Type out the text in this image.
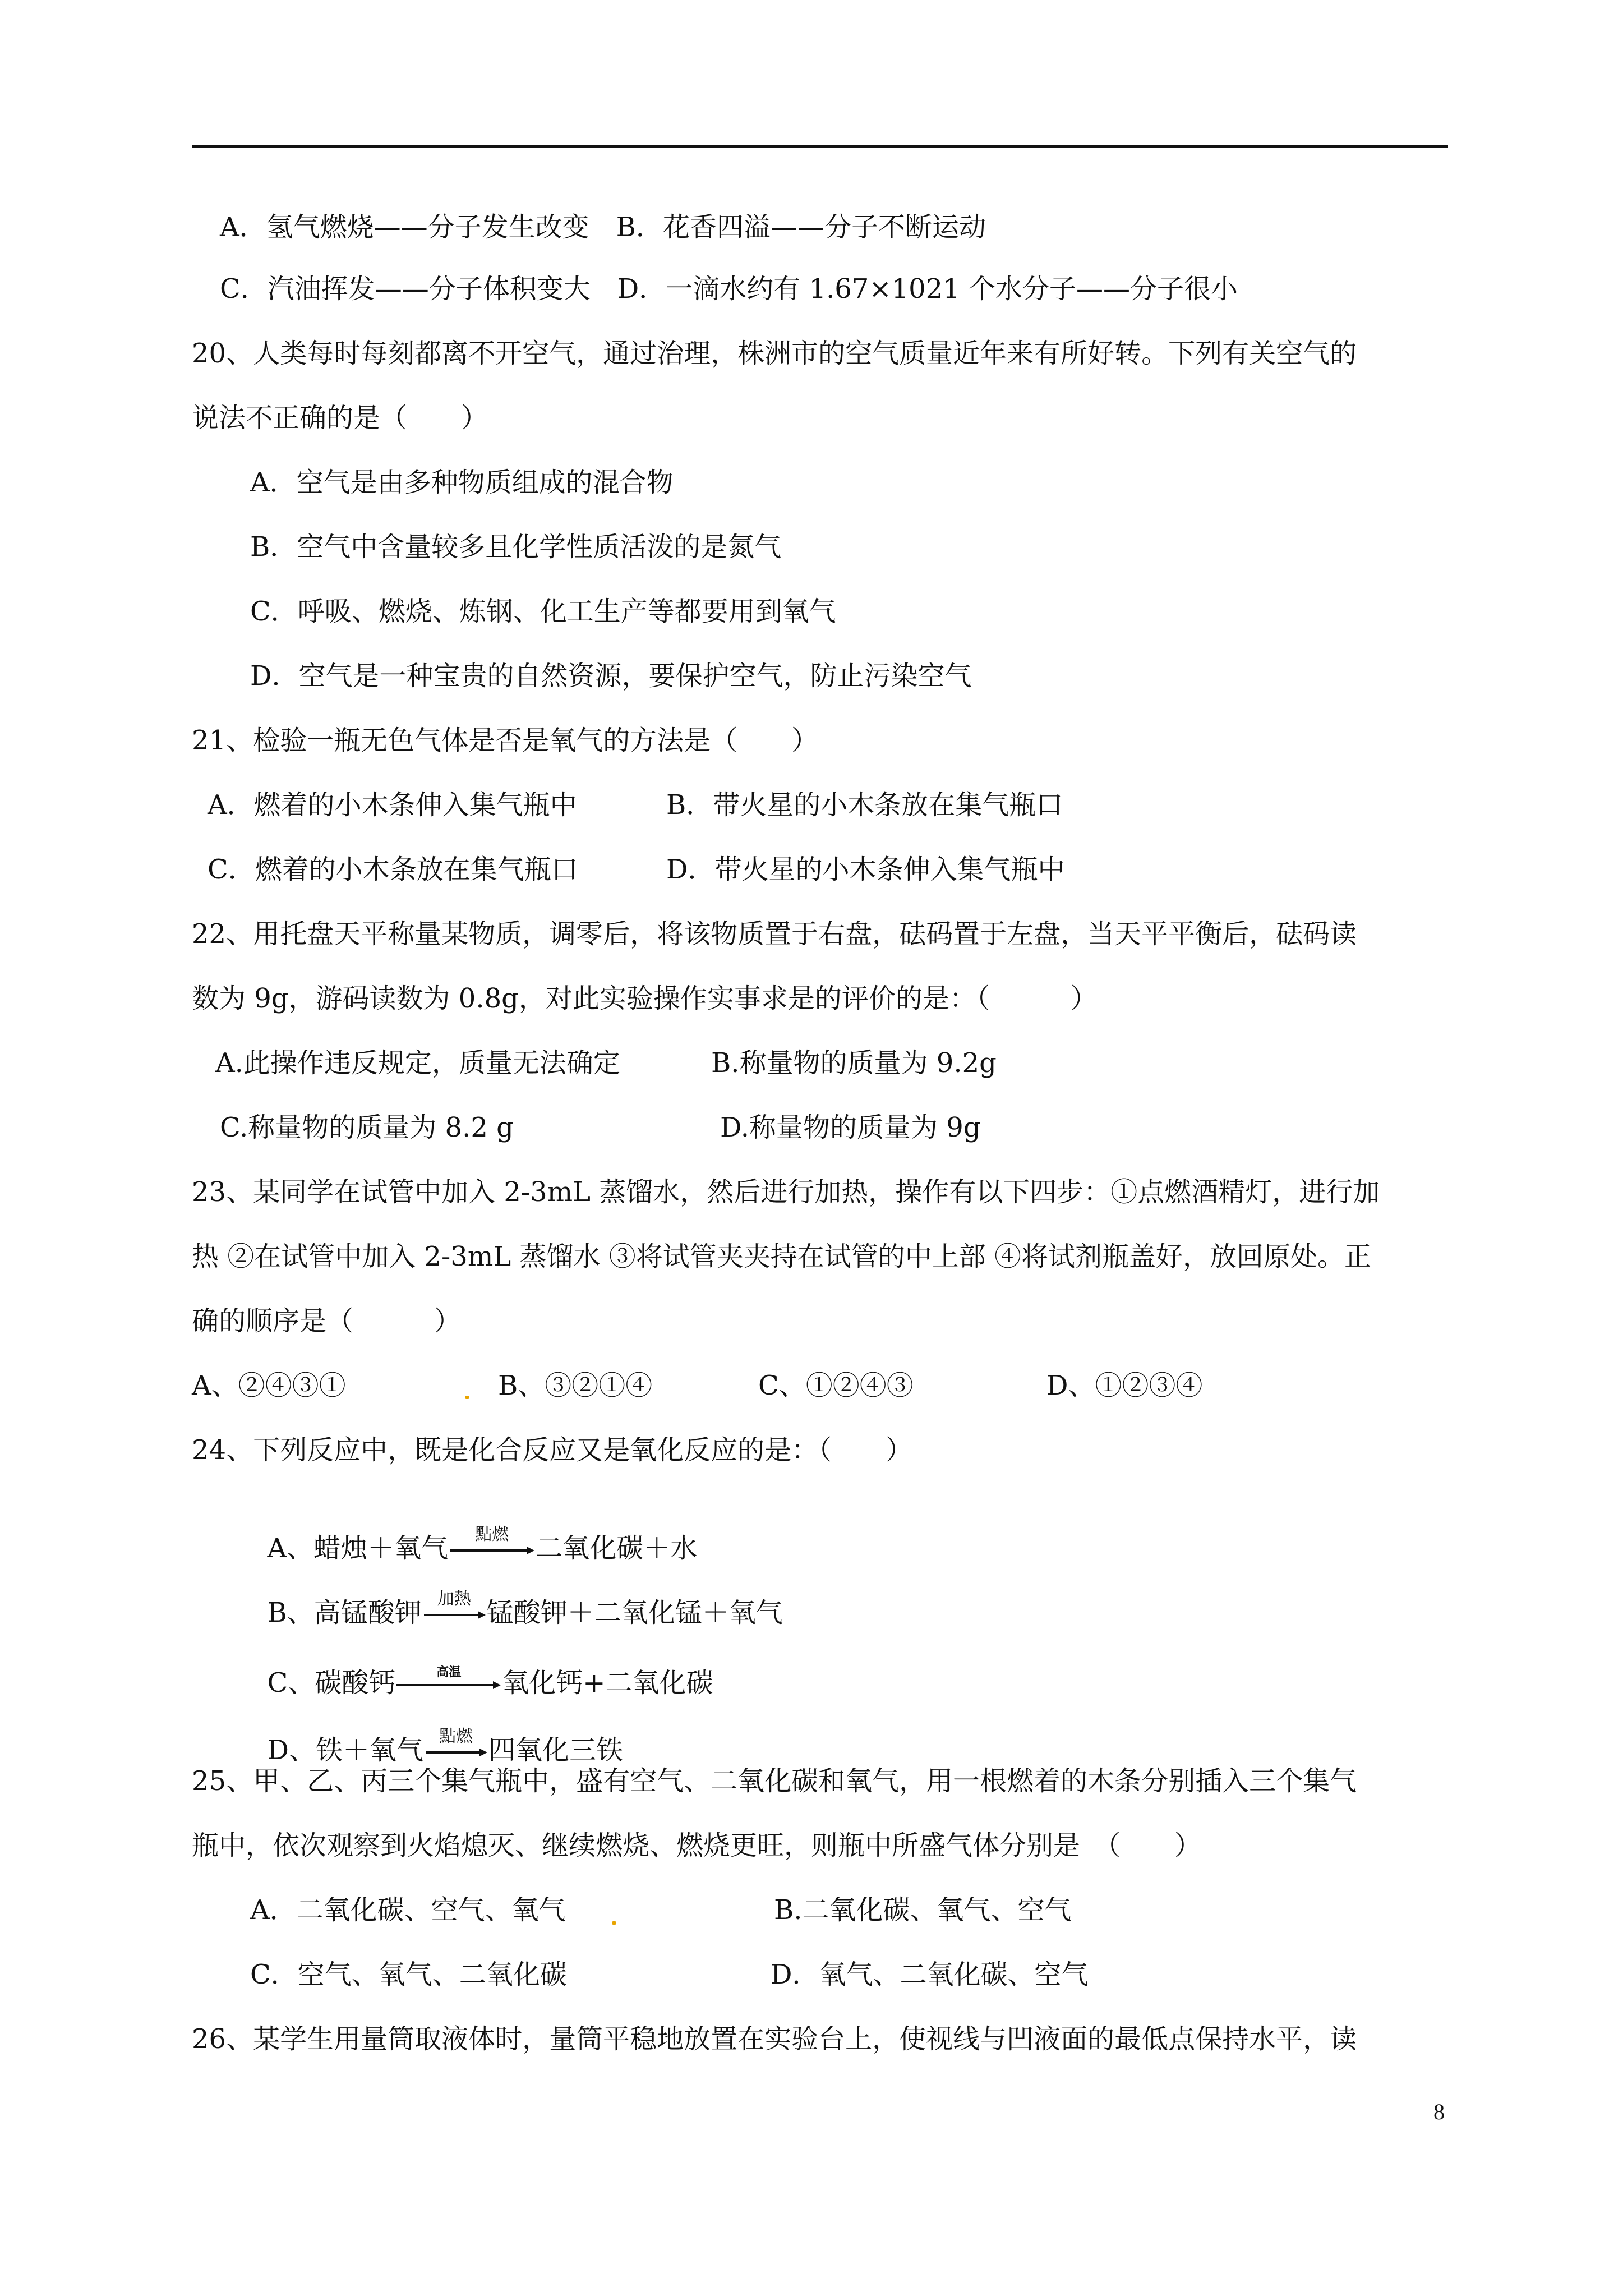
A．氢气燃烧——分子发生改变　B．花香四溢——分子不断运动
C．汽油挥发——分子体积变大　D．一滴水约有 1.67×1021 个水分子——分子很小
20、人类每时每刻都离不开空气，通过治理，株洲市的空气质量近年来有所好转。下列有关空气的
说法不正确的是（　　）
A．空气是由多种物质组成的混合物
B．空气中含量较多且化学性质活泼的是氮气
C．呼吸、燃烧、炼钢、化工生产等都要用到氧气
D．空气是一种宝贵的自然资源，要保护空气，防止污染空气
21、检验一瓶无色气体是否是氧气的方法是（　　）
A．燃着的小木条伸入集气瓶中	B．带火星的小木条放在集气瓶口
C．燃着的小木条放在集气瓶口	D．带火星的小木条伸入集气瓶中
22、用托盘天平称量某物质，调零后，将该物质置于右盘，砝码置于左盘，当天平平衡后，砝码读
数为 9g，游码读数为 0.8g，对此实验操作实事求是的评价的是：（　　　）
A.此操作违反规定，质量无法确定	B.称量物的质量为 9.2g
C.称量物的质量为 8.2 g	D.称量物的质量为 9g
23、某同学在试管中加入 2-3mL 蒸馏水，然后进行加热，操作有以下四步：①点燃酒精灯，进行加
热 ②在试管中加入 2-3mL 蒸馏水 ③将试管夹夹持在试管的中上部 ④将试剂瓶盖好，放回原处。正
确的顺序是（　　　）
A、②④③①	B、③②①④	C、①②④③	D、①②③④
24、下列反应中，既是化合反应又是氧化反应的是：（　　）

A、蜡烛＋氧气	點燃	二氧化碳＋水

B、高锰酸钾 加熱 锰酸钾＋二氧化锰＋氧气

C、碳酸钙	高温	氧化钙+二氧化碳

D、铁＋氧气 點燃 四氧化三铁

25、甲、乙、丙三个集气瓶中，盛有空气、二氧化碳和氧气，用一根燃着的木条分别插入三个集气
瓶中，依次观察到火焰熄灭、继续燃烧、燃烧更旺，则瓶中所盛气体分别是　（　　）
A．二氧化碳、空气、氧气	B.二氧化碳、氧气、空气
C．空气、氧气、二氧化碳	D．氧气、二氧化碳、空气
26、某学生用量筒取液体时，量筒平稳地放置在实验台上，使视线与凹液面的最低点保持水平，读
8
